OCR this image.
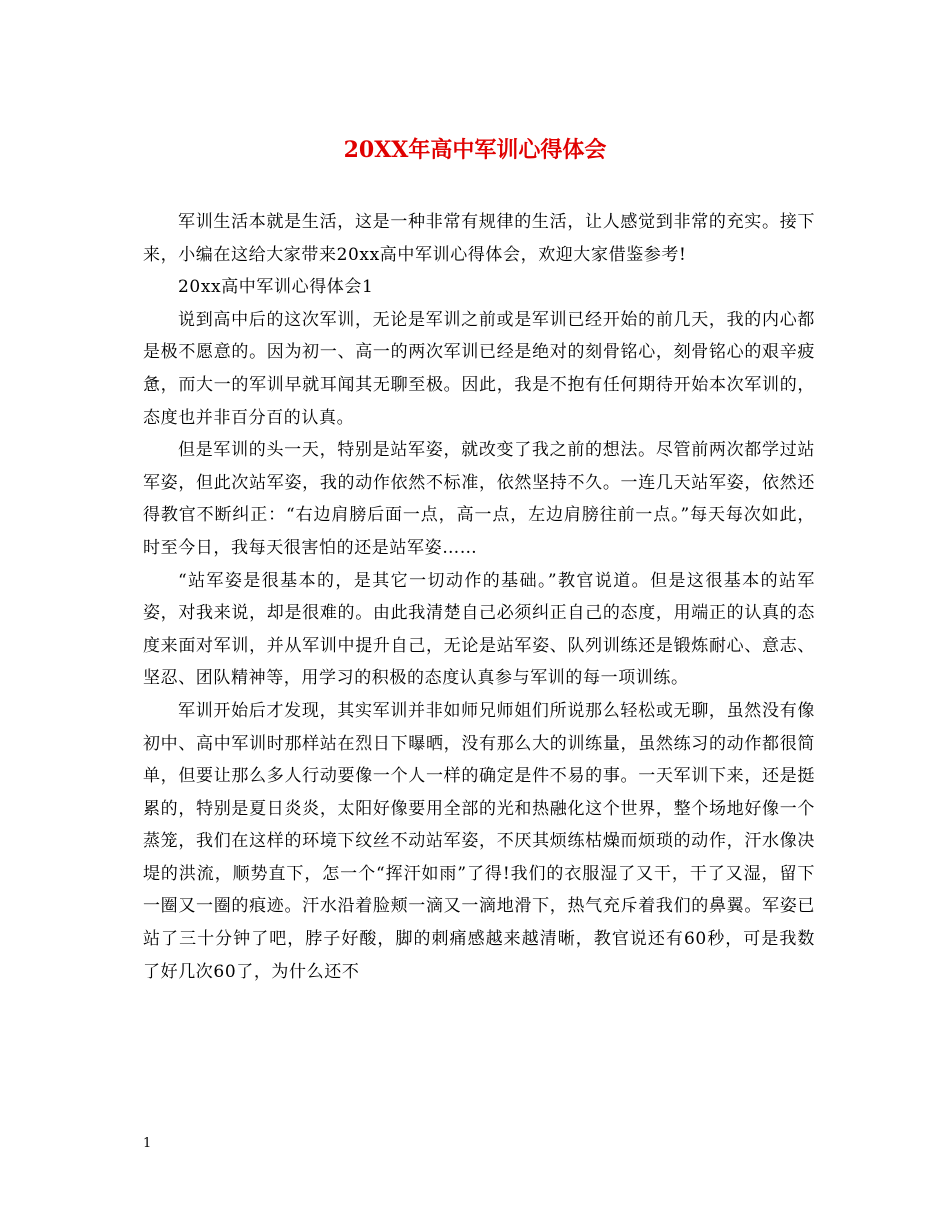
20XX年高中军训心得体会

军训生活本就是生活，这是一种非常有规律的生活，让人感觉到非常的充实。接下来，小编在这给大家带来20xx高中军训心得体会，欢迎大家借鉴参考!

20xx高中军训心得体会1

说到高中后的这次军训，无论是军训之前或是军训已经开始的前几天，我的内心都是极不愿意的。因为初一、高一的两次军训已经是绝对的刻骨铭心，刻骨铭心的艰辛疲惫，而大一的军训早就耳闻其无聊至极。因此，我是不抱有任何期待开始本次军训的，态度也并非百分百的认真。

但是军训的头一天，特别是站军姿，就改变了我之前的想法。尽管前两次都学过站军姿，但此次站军姿，我的动作依然不标准，依然坚持不久。一连几天站军姿，依然还得教官不断纠正：“右边肩膀后面一点，高一点，左边肩膀往前一点。”每天每次如此，时至今日，我每天很害怕的还是站军姿……

“站军姿是很基本的，是其它一切动作的基础。”教官说道。但是这很基本的站军姿，对我来说，却是很难的。由此我清楚自己必须纠正自己的态度，用端正的认真的态度来面对军训，并从军训中提升自己，无论是站军姿、队列训练还是锻炼耐心、意志、坚忍、团队精神等，用学习的积极的态度认真参与军训的每一项训练。

军训开始后才发现，其实军训并非如师兄师姐们所说那么轻松或无聊，虽然没有像初中、高中军训时那样站在烈日下曝晒，没有那么大的训练量，虽然练习的动作都很简单，但要让那么多人行动要像一个人一样的确定是件不易的事。一天军训下来，还是挺累的，特别是夏日炎炎，太阳好像要用全部的光和热融化这个世界，整个场地好像一个蒸笼，我们在这样的环境下纹丝不动站军姿，不厌其烦练枯燥而烦琐的动作，汗水像决堤的洪流，顺势直下，怎一个“挥汗如雨”了得!我们的衣服湿了又干，干了又湿，留下一圈又一圈的痕迹。汗水沿着脸颊一滴又一滴地滑下，热气充斥着我们的鼻翼。军姿已站了三十分钟了吧，脖子好酸，脚的刺痛感越来越清晰，教官说还有60秒，可是我数了好几次60了，为什么还不

1
